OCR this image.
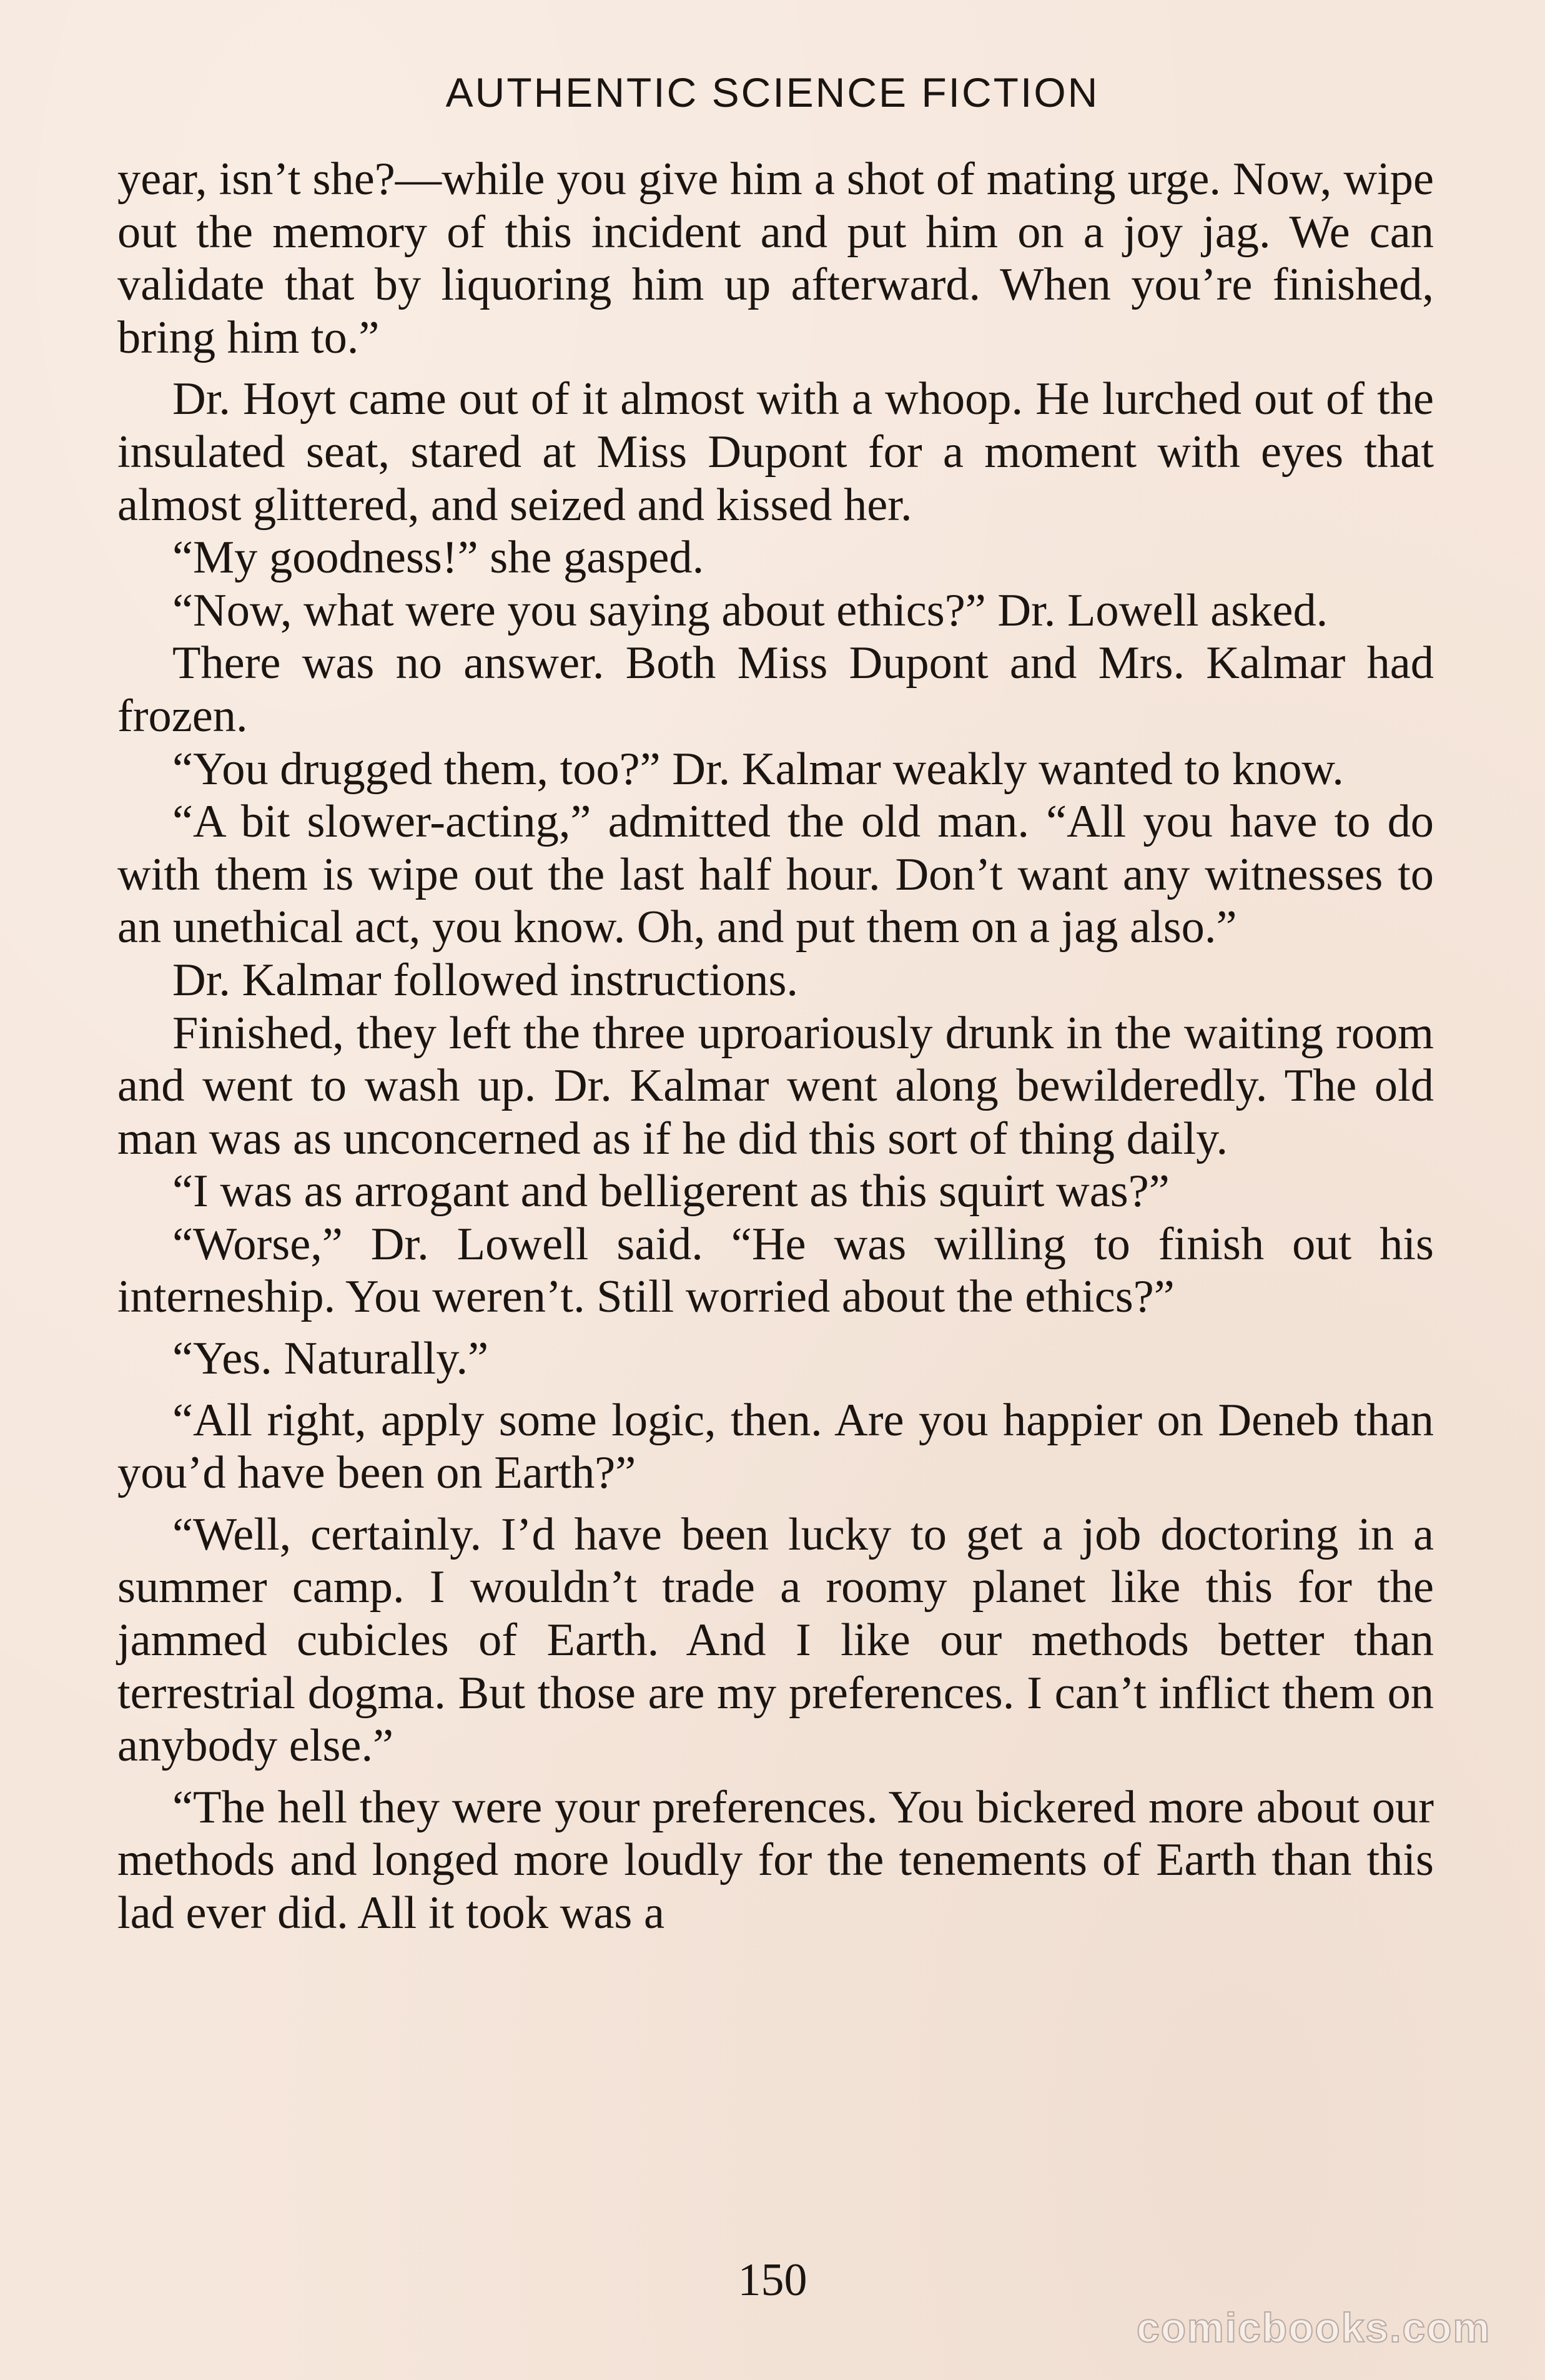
AUTHENTIC SCIENCE FICTION

year, isn’t she?—while you give him a shot of mating urge. Now, wipe out the memory of this incident and put him on a joy jag. We can validate that by liquoring him up afterward. When you’re finished, bring him to.”

Dr. Hoyt came out of it almost with a whoop. He lurched out of the insulated seat, stared at Miss Dupont for a moment with eyes that almost glittered, and seized and kissed her.

“My goodness!” she gasped.

“Now, what were you saying about ethics?” Dr. Lowell asked.

There was no answer. Both Miss Dupont and Mrs. Kalmar had frozen.

“You drugged them, too?” Dr. Kalmar weakly wanted to know.

“A bit slower-acting,” admitted the old man. “All you have to do with them is wipe out the last half hour. Don’t want any witnesses to an unethical act, you know. Oh, and put them on a jag also.”

Dr. Kalmar followed instructions.

Finished, they left the three uproariously drunk in the waiting room and went to wash up. Dr. Kalmar went along bewilderedly. The old man was as unconcerned as if he did this sort of thing daily.

“I was as arrogant and belligerent as this squirt was?”

“Worse,” Dr. Lowell said. “He was willing to finish out his interneship. You weren’t. Still worried about the ethics?”

“Yes. Naturally.”

“All right, apply some logic, then. Are you happier on Deneb than you’d have been on Earth?”

“Well, certainly. I’d have been lucky to get a job doctoring in a summer camp. I wouldn’t trade a roomy planet like this for the jammed cubicles of Earth. And I like our methods better than terrestrial dogma. But those are my preferences. I can’t inflict them on anybody else.”

“The hell they were your preferences. You bickered more about our methods and longed more loudly for the tenements of Earth than this lad ever did. All it took was a

150
comicbooks.com
